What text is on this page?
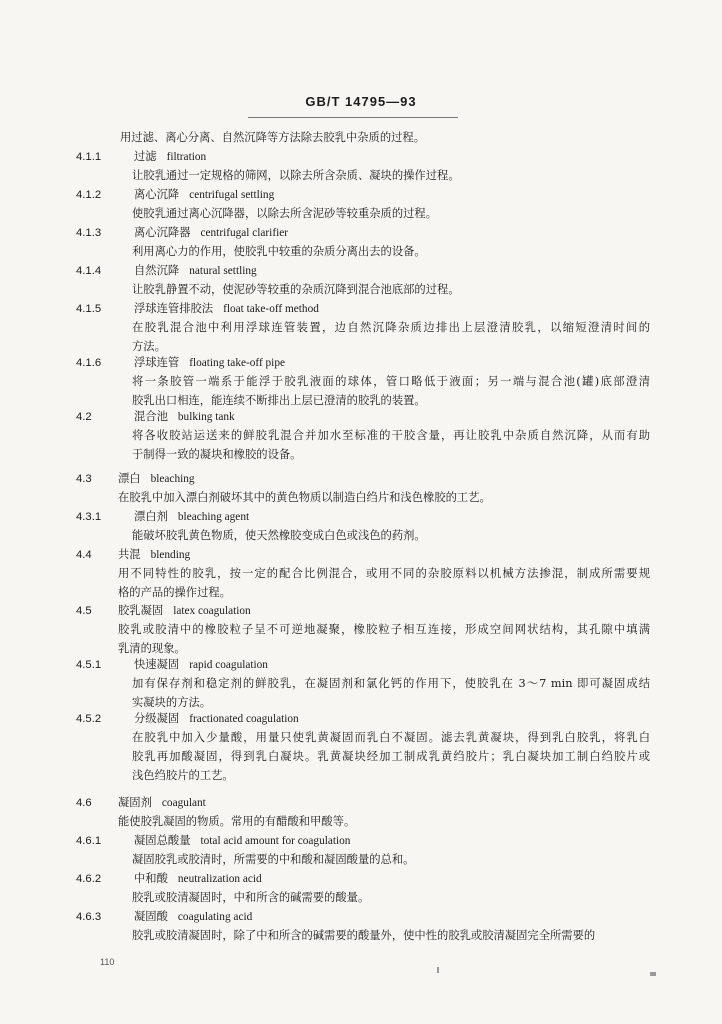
GB/T 14795—93
用过滤、离心分离、自然沉降等方法除去胶乳中杂质的过程。
4.1.1	过滤 filtration
让胶乳通过一定规格的筛网，以除去所含杂质、凝块的操作过程。
4.1.2	离心沉降 centrifugal settling
使胶乳通过离心沉降器，以除去所含泥砂等较重杂质的过程。
4.1.3	离心沉降器 centrifugal clarifier
利用离心力的作用，使胶乳中较重的杂质分离出去的设备。
4.1.4	自然沉降 natural settling
让胶乳静置不动，使泥砂等较重的杂质沉降到混合池底部的过程。
4.1.5	浮球连管排胶法 float take-off method
在胶乳混合池中利用浮球连管装置，边自然沉降杂质边排出上层澄清胶乳，以缩短澄清时间的
方法。
4.1.6	浮球连管 floating take-off pipe
将一条胶管一端系于能浮于胶乳液面的球体，管口略低于液面；另一端与混合池(罐)底部澄清
胶乳出口相连，能连续不断排出上层已澄清的胶乳的装置。
4.2	混合池 bulking tank
将各收胶站运送来的鲜胶乳混合并加水至标准的干胶含量，再让胶乳中杂质自然沉降，从而有助
于制得一致的凝块和橡胶的设备。
4.3	漂白 bleaching
在胶乳中加入漂白剂破坏其中的黄色物质以制造白绉片和浅色橡胶的工艺。
4.3.1	漂白剂 bleaching agent
能破坏胶乳黄色物质，使天然橡胶变成白色或浅色的药剂。
4.4	共混 blending
用不同特性的胶乳，按一定的配合比例混合，或用不同的杂胶原料以机械方法掺混，制成所需要规
格的产品的操作过程。
4.5	胶乳凝固 latex coagulation
胶乳或胶清中的橡胶粒子呈不可逆地凝聚，橡胶粒子相互连接，形成空间网状结构，其孔隙中填满
乳清的现象。
4.5.1	快速凝固 rapid coagulation
加有保存剂和稳定剂的鲜胶乳，在凝固剂和氯化钙的作用下，使胶乳在 3～7 min 即可凝固成结
实凝块的方法。
4.5.2	分级凝固 fractionated coagulation
在胶乳中加入少量酸，用量只使乳黄凝固而乳白不凝固。滤去乳黄凝块，得到乳白胶乳，将乳白
胶乳再加酸凝固，得到乳白凝块。乳黄凝块经加工制成乳黄绉胶片；乳白凝块加工制白绉胶片或
浅色绉胶片的工艺。
4.6	凝固剂 coagulant
能使胶乳凝固的物质。常用的有醋酸和甲酸等。
4.6.1	凝固总酸量 total acid amount for coagulation
凝固胶乳或胶清时，所需要的中和酸和凝固酸量的总和。
4.6.2	中和酸 neutralization acid
胶乳或胶清凝固时，中和所含的碱需要的酸量。
4.6.3	凝固酸 coagulating acid
胶乳或胶清凝固时，除了中和所含的碱需要的酸量外，使中性的胶乳或胶清凝固完全所需要的
110
